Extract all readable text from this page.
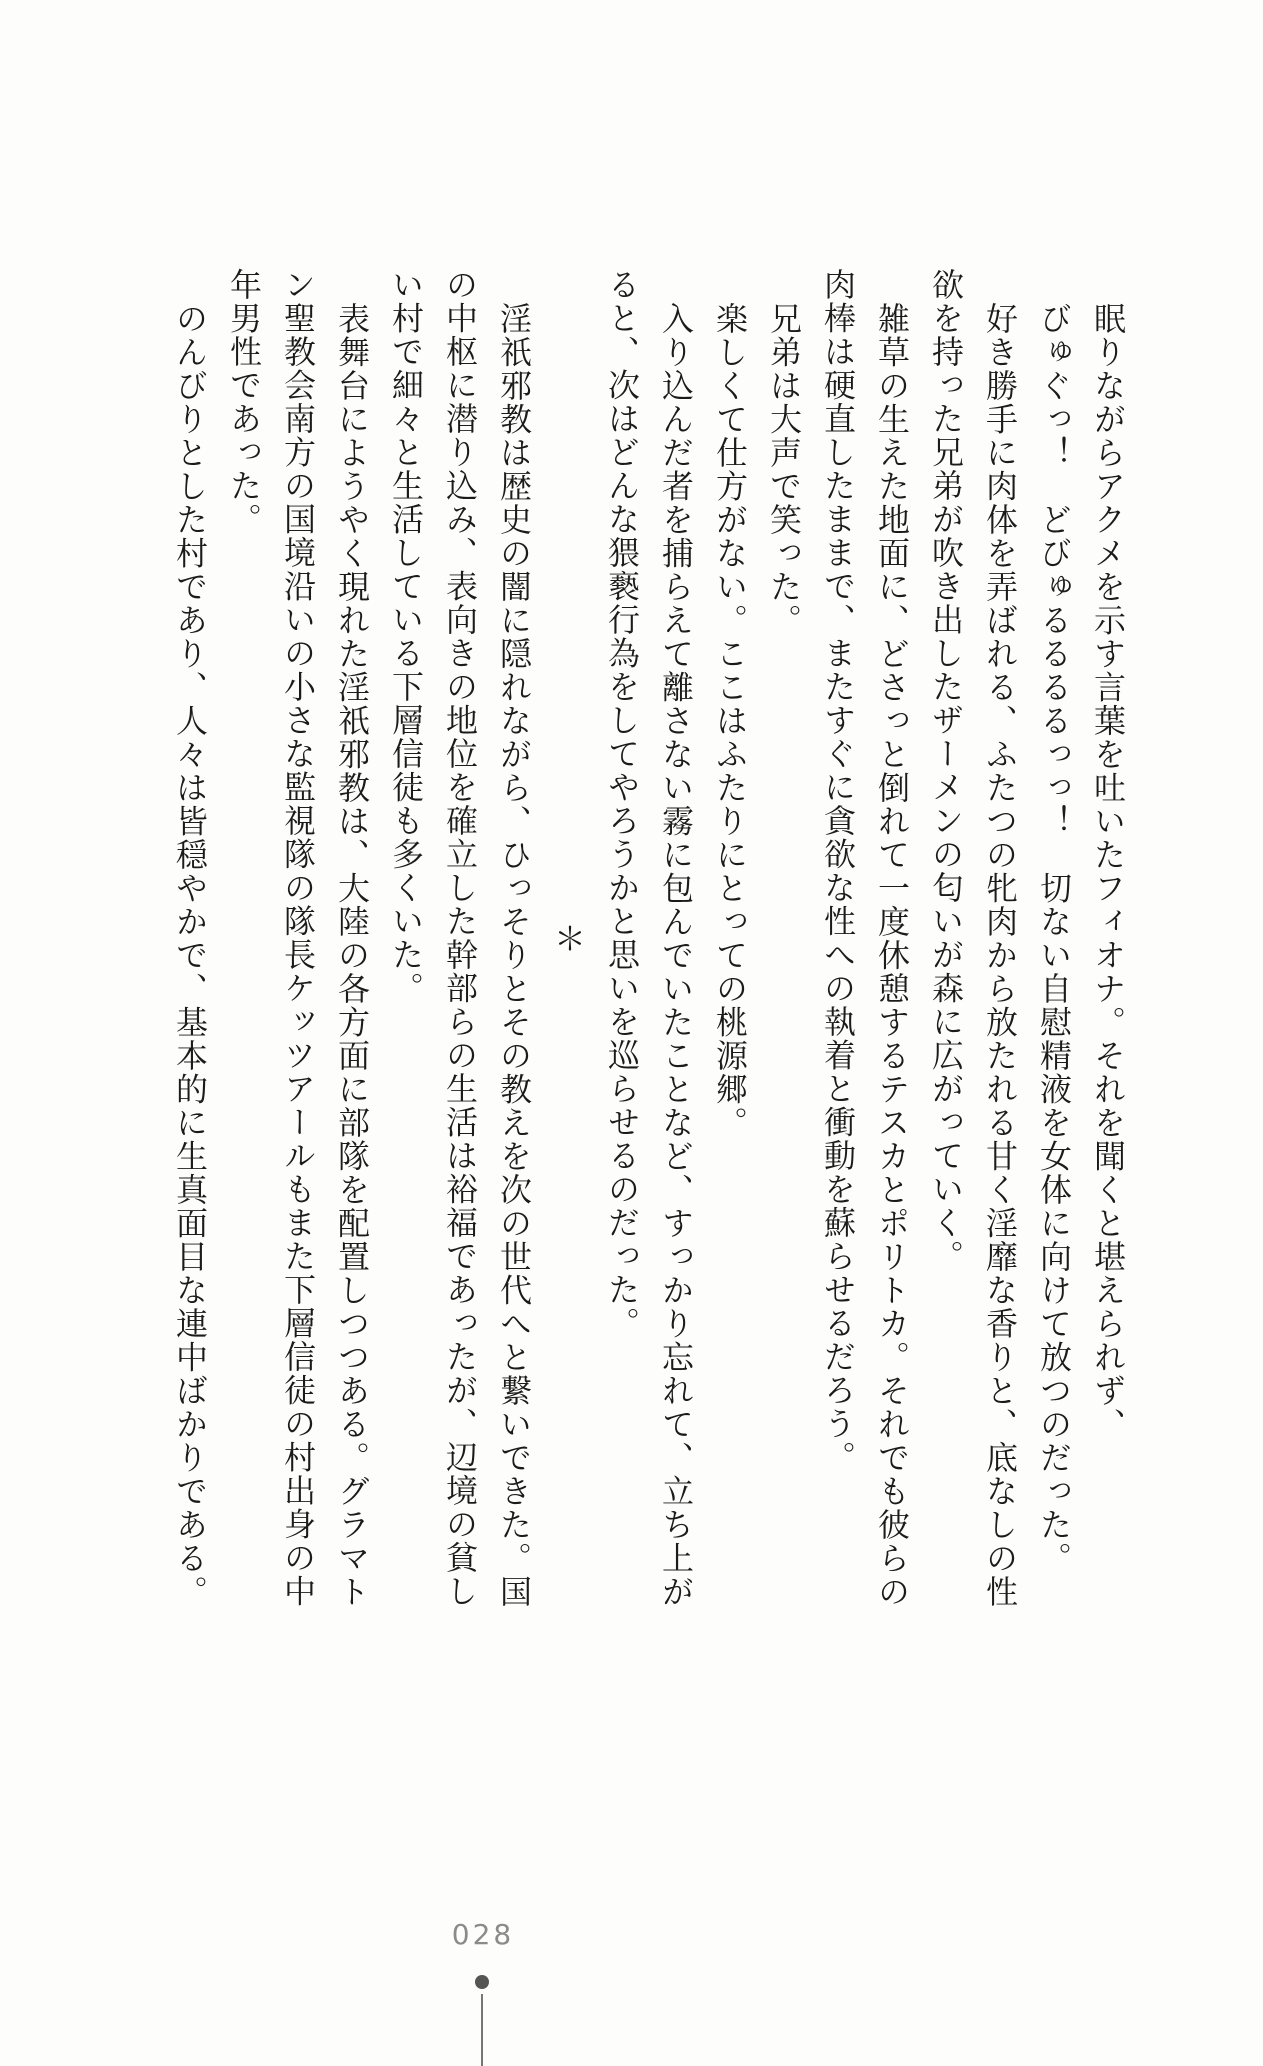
眠りながらアクメを示す言葉を吐いたフィオナ。それを聞くと堪えられず、

びゅぐっ！　どびゅるるるるっっ！　切ない自慰精液を女体に向けて放つのだった。

好き勝手に肉体を弄ばれる、ふたつの牝肉から放たれる甘く淫靡な香りと、底なしの性欲を持った兄弟が吹き出したザーメンの匂いが森に広がっていく。

雑草の生えた地面に、どさっと倒れて一度休憩するテスカとポリトカ。それでも彼らの肉棒は硬直したままで、またすぐに貪欲な性への執着と衝動を蘇らせるだろう。

兄弟は大声で笑った。

楽しくて仕方がない。ここはふたりにとっての桃源郷。

入り込んだ者を捕らえて離さない霧に包んでいたことなど、すっかり忘れて、立ち上がると、次はどんな猥褻行為をしてやろうかと思いを巡らせるのだった。

＊

淫祇邪教は歴史の闇に隠れながら、ひっそりとその教えを次の世代へと繋いできた。国の中枢に潜り込み、表向きの地位を確立した幹部らの生活は裕福であったが、辺境の貧しい村で細々と生活している下層信徒も多くいた。

表舞台にようやく現れた淫祇邪教は、大陸の各方面に部隊を配置しつつある。グラマトン聖教会南方の国境沿いの小さな監視隊の隊長ケッツアールもまた下層信徒の村出身の中年男性であった。

のんびりとした村であり、人々は皆穏やかで、基本的に生真面目な連中ばかりである。

028
